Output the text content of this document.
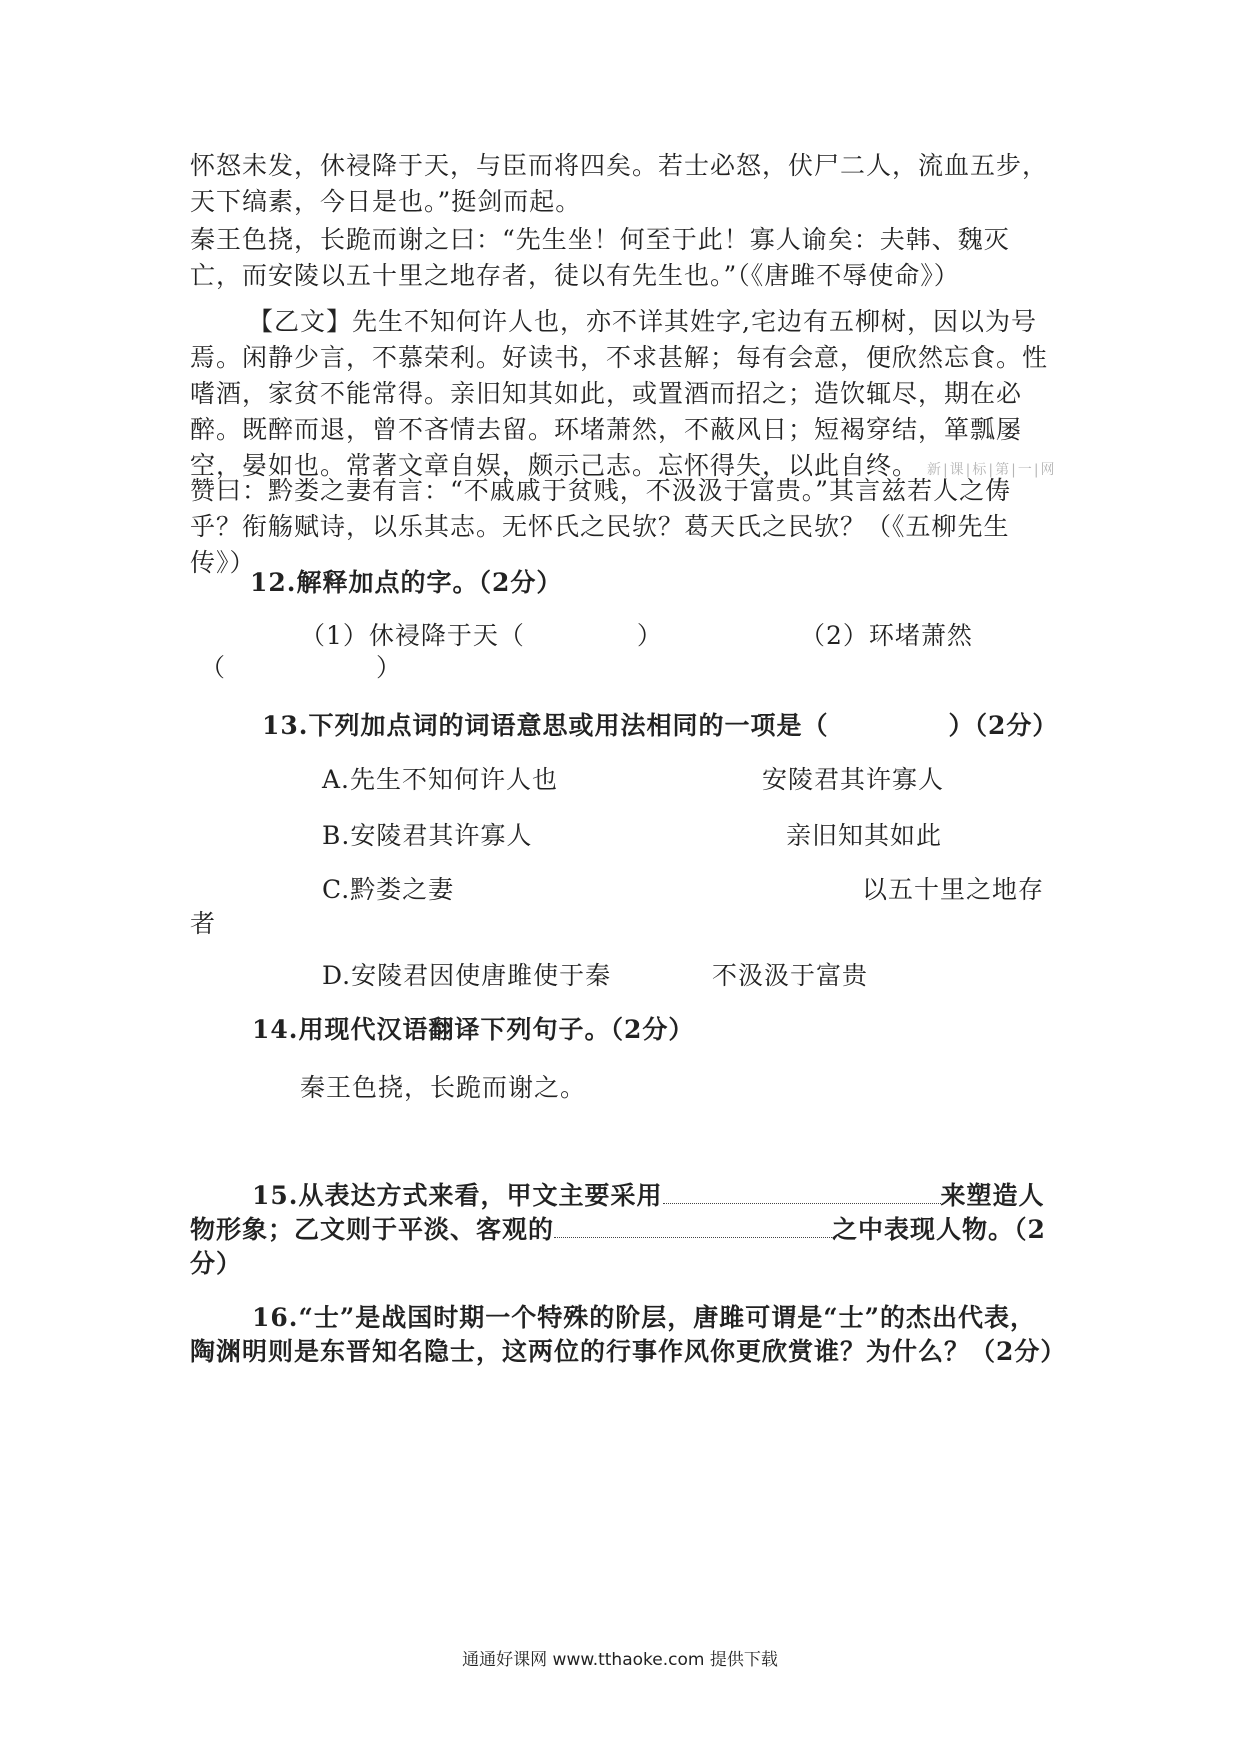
怀怒未发，休祲降于天，与臣而将四矣。若士必怒，伏尸二人，流血五步，天下缟素，今日是也。”挺剑而起。
秦王色挠，长跪而谢之曰：“先生坐！何至于此！寡人谕矣：夫韩、魏灭亡，而安陵以五十里之地存者，徒以有先生也。”（《唐雎不辱使命》）
【乙文】先生不知何许人也，亦不详其姓字,宅边有五柳树，因以为号焉。闲静少言，不慕荣利。好读书，不求甚解；每有会意，便欣然忘食。性嗜酒，家贫不能常得。亲旧知其如此，或置酒而招之；造饮辄尽，期在必醉。既醉而退，曾不吝情去留。环堵萧然，不蔽风日；短褐穿结，箪瓢屡空，晏如也。常著文章自娱，颇示己志。忘怀得失，以此自终。 新|课|标|第|一|网
赞曰：黔娄之妻有言：“不戚戚于贫贱，不汲汲于富贵。”其言兹若人之俦乎？衔觞赋诗，以乐其志。无怀氏之民欤？葛天氏之民欤？（《五柳先生传》）
12.解释加点的字。（2分）
（1）休祲降于天（	）	（2）环堵萧然
（	）
13.下列加点词的词语意思或用法相同的一项是（	）（2分）
A.先生不知何许人也	安陵君其许寡人
B.安陵君其许寡人	亲旧知其如此
C.黔娄之妻	以五十里之地存
者
D.安陵君因使唐雎使于秦	不汲汲于富贵
14.用现代汉语翻译下列句子。（2分）
秦王色挠，长跪而谢之。
15.从表达方式来看，甲文主要采用	来塑造人
物形象；乙文则于平淡、客观的	之中表现人物。（2
分）
16.“士”是战国时期一个特殊的阶层，唐雎可谓是“士”的杰出代表，
陶渊明则是东晋知名隐士，这两位的行事作风你更欣赏谁？为什么？（2分）
通通好课网 www.tthaoke.com 提供下载
